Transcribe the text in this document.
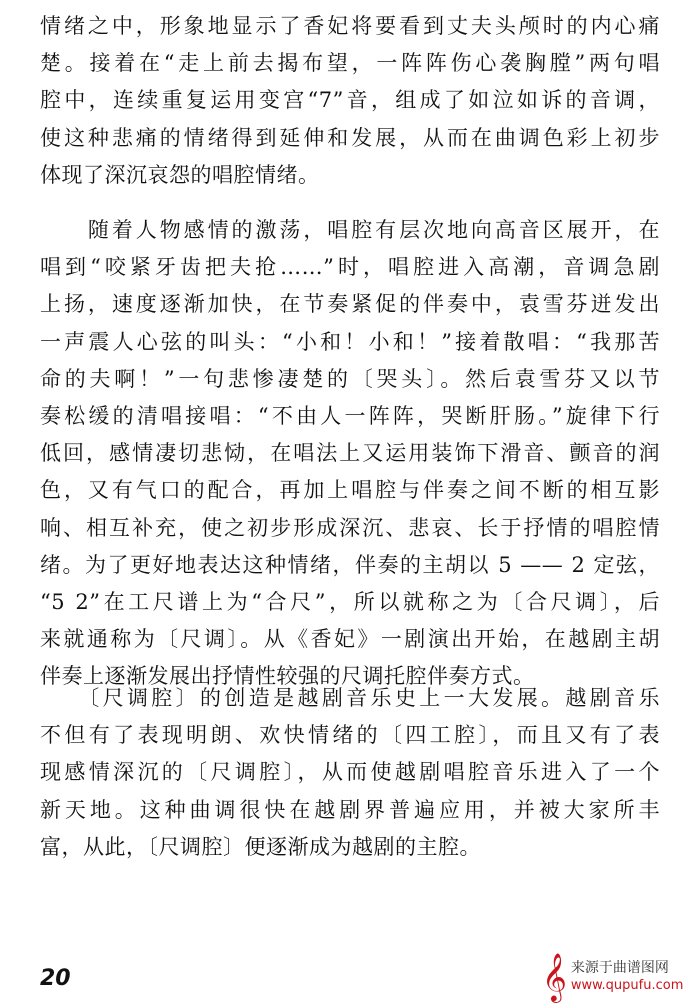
情绪之中，形象地显示了香妃将要看到丈夫头颅时的内心痛
楚。接着在“走上前去揭布望，一阵阵伤心袭胸膛”两句唱
腔中，连续重复运用变宫“7”音，组成了如泣如诉的音调，
使这种悲痛的情绪得到延伸和发展，从而在曲调色彩上初步
体现了深沉哀怨的唱腔情绪。
　　随着人物感情的激荡，唱腔有层次地向高音区展开，在
唱到“咬紧牙齿把夫抢……”时，唱腔进入高潮，音调急剧
上扬，速度逐渐加快，在节奏紧促的伴奏中，袁雪芬迸发出
一声震人心弦的叫头：“小和！小和！”接着散唱：“我那苦
命的夫啊！”一句悲惨凄楚的〔哭头〕。然后袁雪芬又以节
奏松缓的清唱接唱：“不由人一阵阵，哭断肝肠。”旋律下行
低回，感情凄切悲恸，在唱法上又运用装饰下滑音、颤音的润
色，又有气口的配合，再加上唱腔与伴奏之间不断的相互影
响、相互补充，使之初步形成深沉、悲哀、长于抒情的唱腔情
绪。为了更好地表达这种情绪，伴奏的主胡以 5 —— 2 定弦，
“5 2”在工尺谱上为“合尺”，所以就称之为〔合尺调〕，后
来就通称为〔尺调〕。从《香妃》一剧演出开始，在越剧主胡
伴奏上逐渐发展出抒情性较强的尺调托腔伴奏方式。
　　〔尺调腔〕的创造是越剧音乐史上一大发展。越剧音乐
不但有了表现明朗、欢快情绪的〔四工腔〕，而且又有了表
现感情深沉的〔尺调腔〕，从而使越剧唱腔音乐进入了一个
新天地。这种曲调很快在越剧界普遍应用，并被大家所丰
富，从此，〔尺调腔〕便逐渐成为越剧的主腔。
20	𝄞 来源于曲谱图网
www.qupufu.com
